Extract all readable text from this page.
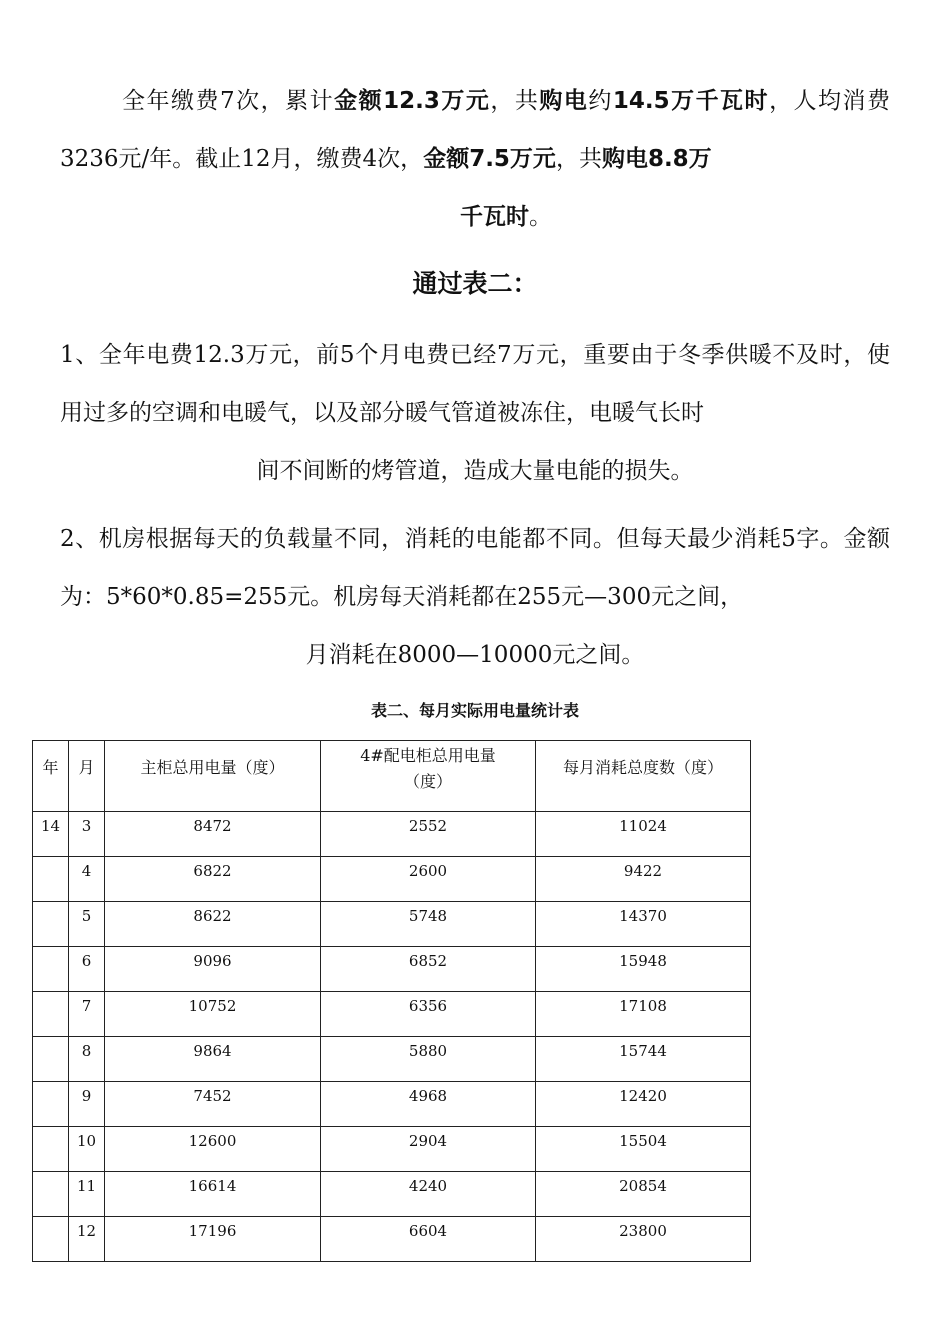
全年缴费7次，累计金额12.3万元，共购电约14.5万千瓦时，人均消费3236元/年。截止12月，缴费4次，金额7.5万元，共购电8.8万
千瓦时。

通过表二：

1、全年电费12.3万元，前5个月电费已经7万元，重要由于冬季供暖不及时，使用过多的空调和电暖气，以及部分暖气管道被冻住，电暖气长时
间不间断的烤管道，造成大量电能的损失。

2、机房根据每天的负载量不同，消耗的电能都不同。但每天最少消耗5字。金额为：5*60*0.85=255元。机房每天消耗都在255元—300元之间，
月消耗在8000—10000元之间。

表二、每月实际用电量统计表

年	月	主柜总用电量（度）	4#配电柜总用电量
（度）	每月消耗总度数（度）
14	3	8472	2552	11024
	4	6822	2600	9422
	5	8622	5748	14370
	6	9096	6852	15948
	7	10752	6356	17108
	8	9864	5880	15744
	9	7452	4968	12420
	10	12600	2904	15504
	11	16614	4240	20854
	12	17196	6604	23800
